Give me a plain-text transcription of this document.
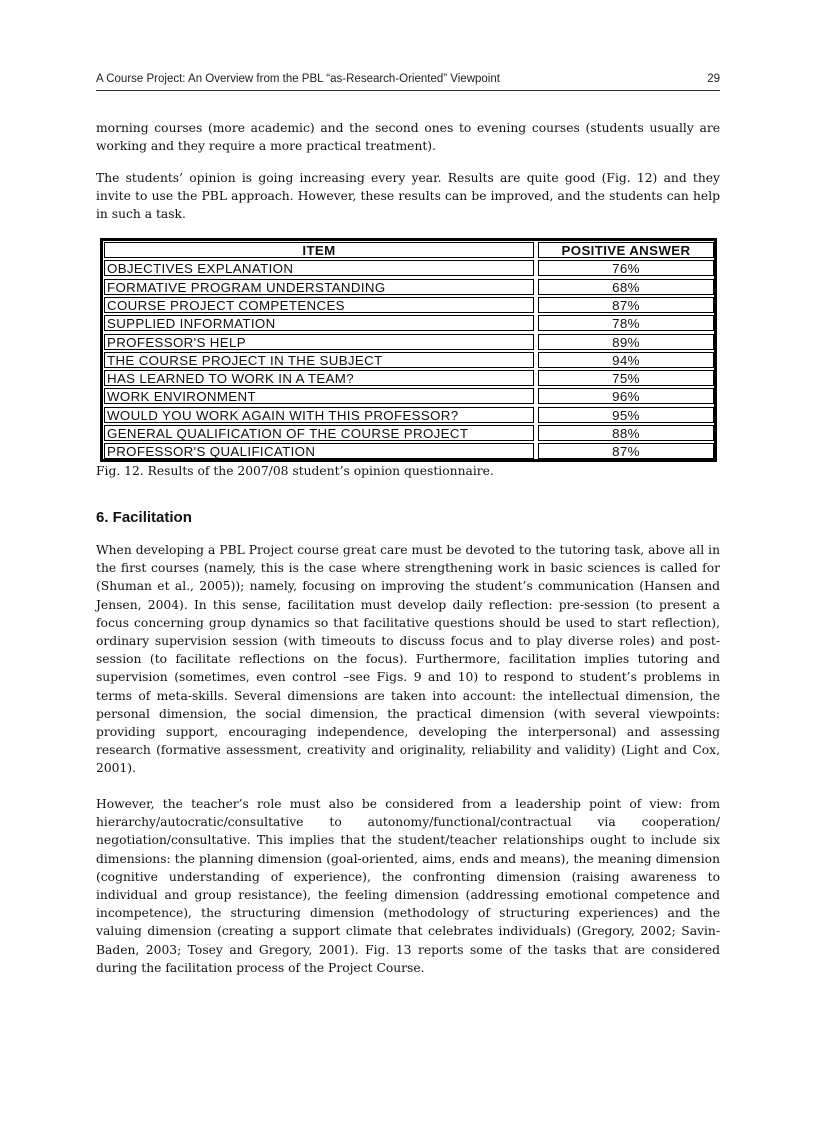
A Course Project: An Overview from the PBL “as-Research-Oriented” Viewpoint	29

morning courses (more academic) and the second ones to evening courses (students usually are working and they require a more practical treatment).

The students’ opinion is going increasing every year. Results are quite good (Fig. 12) and they invite to use the PBL approach. However, these results can be improved, and the students can help in such a task.

ITEM	POSITIVE ANSWER
OBJECTIVES EXPLANATION	76%
FORMATIVE PROGRAM UNDERSTANDING	68%
COURSE PROJECT COMPETENCES	87%
SUPPLIED INFORMATION	78%
PROFESSOR'S HELP	89%
THE COURSE PROJECT IN THE SUBJECT	94%
HAS LEARNED TO WORK IN A TEAM?	75%
WORK ENVIRONMENT	96%
WOULD YOU WORK AGAIN WITH THIS PROFESSOR?	95%
GENERAL QUALIFICATION OF THE COURSE PROJECT	88%
PROFESSOR'S QUALIFICATION	87%
Fig. 12. Results of the 2007/08 student’s opinion questionnaire.
6. Facilitation

When developing a PBL Project course great care must be devoted to the tutoring task, above all in the first courses (namely, this is the case where strengthening work in basic sciences is called for (Shuman et al., 2005)); namely, focusing on improving the student’s communication (Hansen and Jensen, 2004). In this sense, facilitation must develop daily reflection: pre-session (to present a focus concerning group dynamics so that facilitative questions should be used to start reflection), ordinary supervision session (with timeouts to discuss focus and to play diverse roles) and post-session (to facilitate reflections on the focus). Furthermore, facilitation implies tutoring and supervision (sometimes, even control –see Figs. 9 and 10) to respond to student’s problems in terms of meta-skills. Several dimensions are taken into account: the intellectual dimension, the personal dimension, the social dimension, the practical dimension (with several viewpoints: providing support, encouraging independence, developing the interpersonal) and assessing research (formative assessment, creativity and originality, reliability and validity) (Light and Cox, 2001).

However, the teacher’s role must also be considered from a leadership point of view: from hierarchy/autocratic/consultative to autonomy/functional/contractual via cooperation/ negotiation/consultative. This implies that the student/teacher relationships ought to include six dimensions: the planning dimension (goal-oriented, aims, ends and means), the meaning dimension (cognitive understanding of experience), the confronting dimension (raising awareness to individual and group resistance), the feeling dimension (addressing emotional competence and incompetence), the structuring dimension (methodology of structuring experiences) and the valuing dimension (creating a support climate that celebrates individuals) (Gregory, 2002; Savin-Baden, 2003; Tosey and Gregory, 2001). Fig. 13 reports some of the tasks that are considered during the facilitation process of the Project Course.
